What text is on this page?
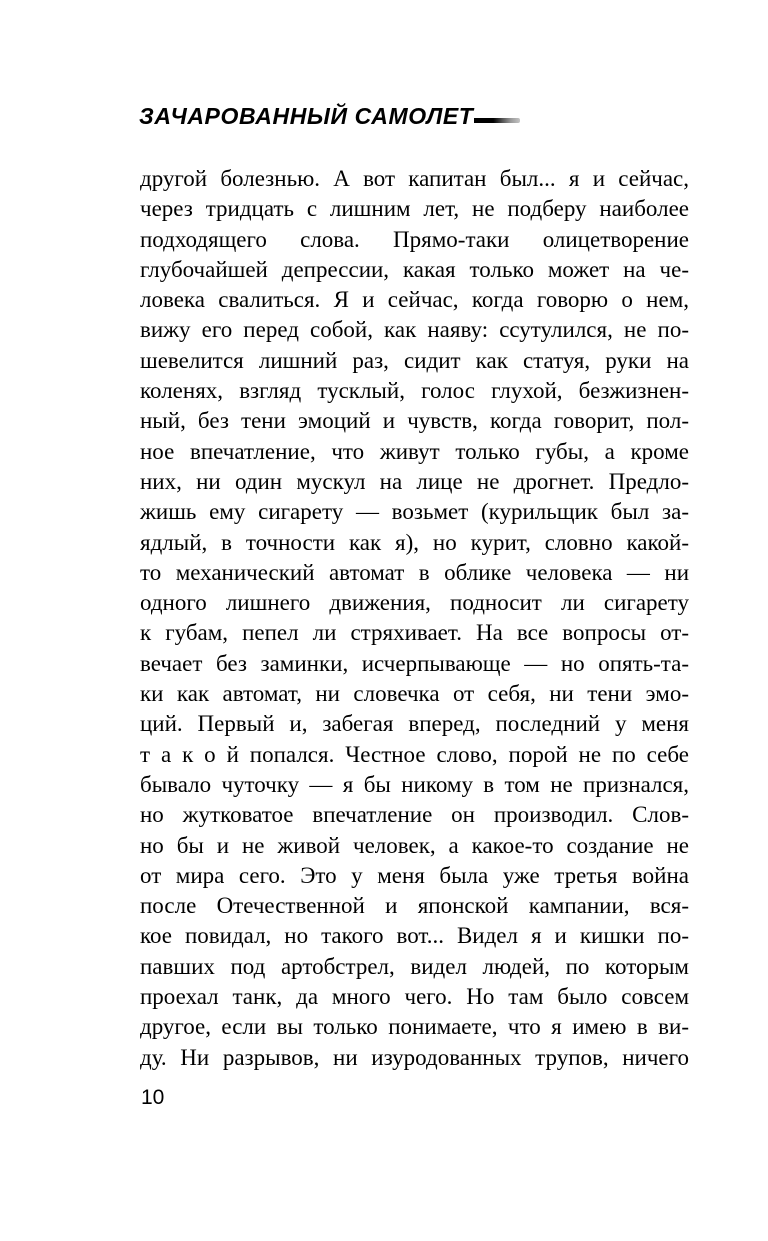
ЗАЧАРОВАННЫЙ САМОЛЕТ
другой болезнью. А вот капитан был... я и сейчас,
через тридцать с лишним лет, не подберу наиболее
подходящего слова. Прямо-таки олицетворение
глубочайшей депрессии, какая только может на че-
ловека свалиться. Я и сейчас, когда говорю о нем,
вижу его перед собой, как наяву: ссутулился, не по-
шевелится лишний раз, сидит как статуя, руки на
коленях, взгляд тусклый, голос глухой, безжизнен-
ный, без тени эмоций и чувств, когда говорит, пол-
ное впечатление, что живут только губы, а кроме
них, ни один мускул на лице не дрогнет. Предло-
жишь ему сигарету — возьмет (курильщик был за-
ядлый, в точности как я), но курит, словно какой-
то механический автомат в облике человека — ни
одного лишнего движения, подносит ли сигарету
к губам, пепел ли стряхивает. На все вопросы от-
вечает без заминки, исчерпывающе — но опять-та-
ки как автомат, ни словечка от себя, ни тени эмо-
ций. Первый и, забегая вперед, последний у меня
т а к о й попался. Честное слово, порой не по себе
бывало чуточку — я бы никому в том не признался,
но жутковатое впечатление он производил. Слов-
но бы и не живой человек, а какое-то создание не
от мира сего. Это у меня была уже третья война
после Отечественной и японской кампании, вся-
кое повидал, но такого вот... Видел я и кишки по-
павших под артобстрел, видел людей, по которым
проехал танк, да много чего. Но там было совсем
другое, если вы только понимаете, что я имею в ви-
ду. Ни разрывов, ни изуродованных трупов, ничего
10
